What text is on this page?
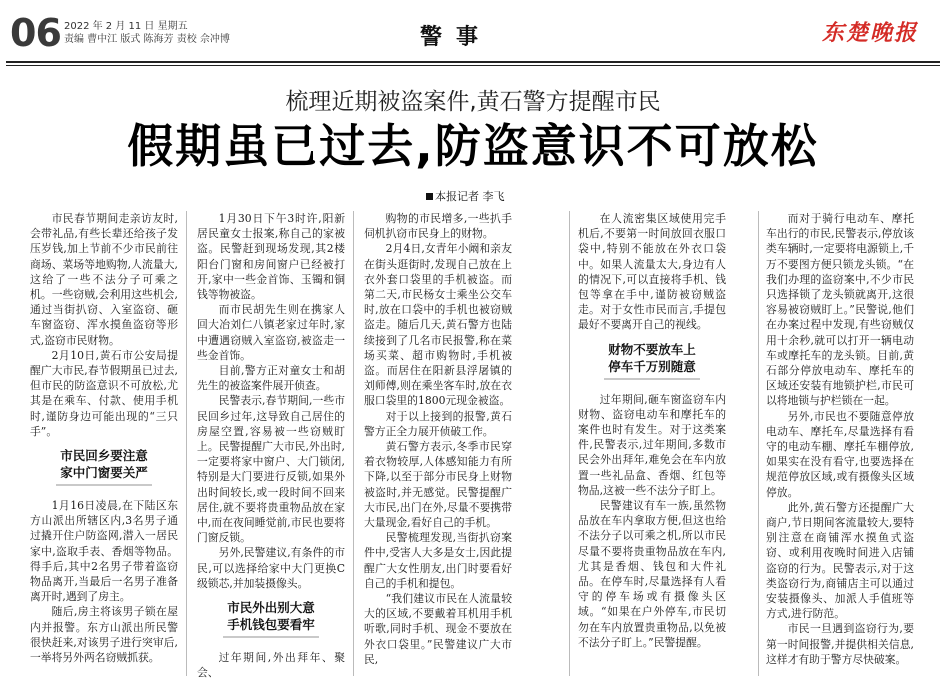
06 2022 年 2 月 11 日 星期五
责编 曹中江 版式 陈海芳 责校 佘冲博	警事	东楚晚报
梳理近期被盗案件,黄石警方提醒市民
假期虽已过去,防盗意识不可放松
本报记者 李飞

市民春节期间走亲访友时,会带礼品,有些长辈还给孩子发压岁钱,加上节前不少市民前往商场、菜场等地购物,人流量大,这给了一些不法分子可乘之机。一些窃贼,会利用这些机会,通过当街扒窃、入室盗窃、砸车窗盗窃、浑水摸鱼盗窃等形式,盗窃市民财物。

2月10日,黄石市公安局提醒广大市民,春节假期虽已过去,但市民的防盗意识不可放松,尤其是在乘车、付款、使用手机时,谨防身边可能出现的“三只手”。

市民回乡要注意
家中门窗要关严

1月16日凌晨,在下陆区东方山派出所辖区内,3名男子通过撬开住户防盗网,潜入一居民家中,盗取手表、香烟等物品。得手后,其中2名男子带着盗窃物品离开,当最后一名男子准备离开时,遇到了房主。

随后,房主将该男子锁在屋内并报警。东方山派出所民警很快赶来,对该男子进行突审后,一举将另外两名窃贼抓获。

1月30日下午3时许,阳新居民童女士报案,称自己的家被盗。民警赶到现场发现,其2楼阳台门窗和房间窗户已经被打开,家中一些金首饰、玉镯和铜钱等物被盗。

而市民胡先生则在携家人回大冶刘仁八镇老家过年时,家中遭遇窃贼入室盗窃,被盗走一些金首饰。

目前,警方正对童女士和胡先生的被盗案件展开侦查。

民警表示,春节期间,一些市民回乡过年,这导致自己居住的房屋空置,容易被一些窃贼盯上。民警提醒广大市民,外出时,一定要将家中窗户、大门锁闭,特别是大门要进行反锁,如果外出时间较长,或一段时间不回来居住,就不要将贵重物品放在家中,而在夜间睡觉前,市民也要将门窗反锁。

另外,民警建议,有条件的市民,可以选择给家中大门更换C级锁芯,并加装摄像头。

市民外出别大意
手机钱包要看牢

过年期间,外出拜年、聚会、

购物的市民增多,一些扒手伺机扒窃市民身上的财物。

2月4日,女青年小阚和亲友在街头逛街时,发现自己放在上衣外套口袋里的手机被盗。而第二天,市民杨女士乘坐公交车时,放在口袋中的手机也被窃贼盗走。随后几天,黄石警方也陆续接到了几名市民报警,称在菜场买菜、超市购物时,手机被盗。而居住在阳新县浮屠镇的刘师傅,则在乘坐客车时,放在衣服口袋里的1800元现金被盗。

对于以上接到的报警,黄石警方正全力展开侦破工作。

黄石警方表示,冬季市民穿着衣物较厚,人体感知能力有所下降,以至于部分市民身上财物被盗时,并无感觉。民警提醒广大市民,出门在外,尽量不要携带大量现金,看好自己的手机。

民警梳理发现,当街扒窃案件中,受害人大多是女士,因此提醒广大女性朋友,出门时要看好自己的手机和提包。

“我们建议市民在人流量较大的区域,不要戴着耳机用手机听歌,同时手机、现金不要放在外衣口袋里。”民警建议广大市民,

在人流密集区域使用完手机后,不要第一时间放回衣服口袋中,特别不能放在外衣口袋中。如果人流量太大,身边有人的情况下,可以直接将手机、钱包等拿在手中,谨防被窃贼盗走。对于女性市民而言,手提包最好不要离开自己的视线。

财物不要放车上
停车千万别随意

过年期间,砸车窗盗窃车内财物、盗窃电动车和摩托车的案件也时有发生。对于这类案件,民警表示,过年期间,多数市民会外出拜年,难免会在车内放置一些礼品盒、香烟、红包等物品,这被一些不法分子盯上。

民警建议有车一族,虽然物品放在车内拿取方便,但这也给不法分子以可乘之机,所以市民尽量不要将贵重物品放在车内,尤其是香烟、钱包和大件礼品。在停车时,尽量选择有人看守的停车场或有摄像头区域。“如果在户外停车,市民切勿在车内放置贵重物品,以免被不法分子盯上。”民警提醒。

而对于骑行电动车、摩托车出行的市民,民警表示,停放该类车辆时,一定要将电源锁上,千万不要图方便只锁龙头锁。“在我们办理的盗窃案中,不少市民只选择锁了龙头锁就离开,这很容易被窃贼盯上。”民警说,他们在办案过程中发现,有些窃贼仅用十余秒,就可以打开一辆电动车或摩托车的龙头锁。目前,黄石部分停放电动车、摩托车的区域还安装有地锁护栏,市民可以将地锁与护栏锁在一起。

另外,市民也不要随意停放电动车、摩托车,尽量选择有看守的电动车棚、摩托车棚停放,如果实在没有看守,也要选择在规范停放区域,或有摄像头区域停放。

此外,黄石警方还提醒广大商户,节日期间客流量较大,要特别注意在商铺浑水摸鱼式盗窃、或利用夜晚时间进入店铺盗窃的行为。民警表示,对于这类盗窃行为,商铺店主可以通过安装摄像头、加派人手值班等方式,进行防范。

市民一旦遇到盗窃行为,要第一时间报警,并提供相关信息,这样才有助于警方尽快破案。
